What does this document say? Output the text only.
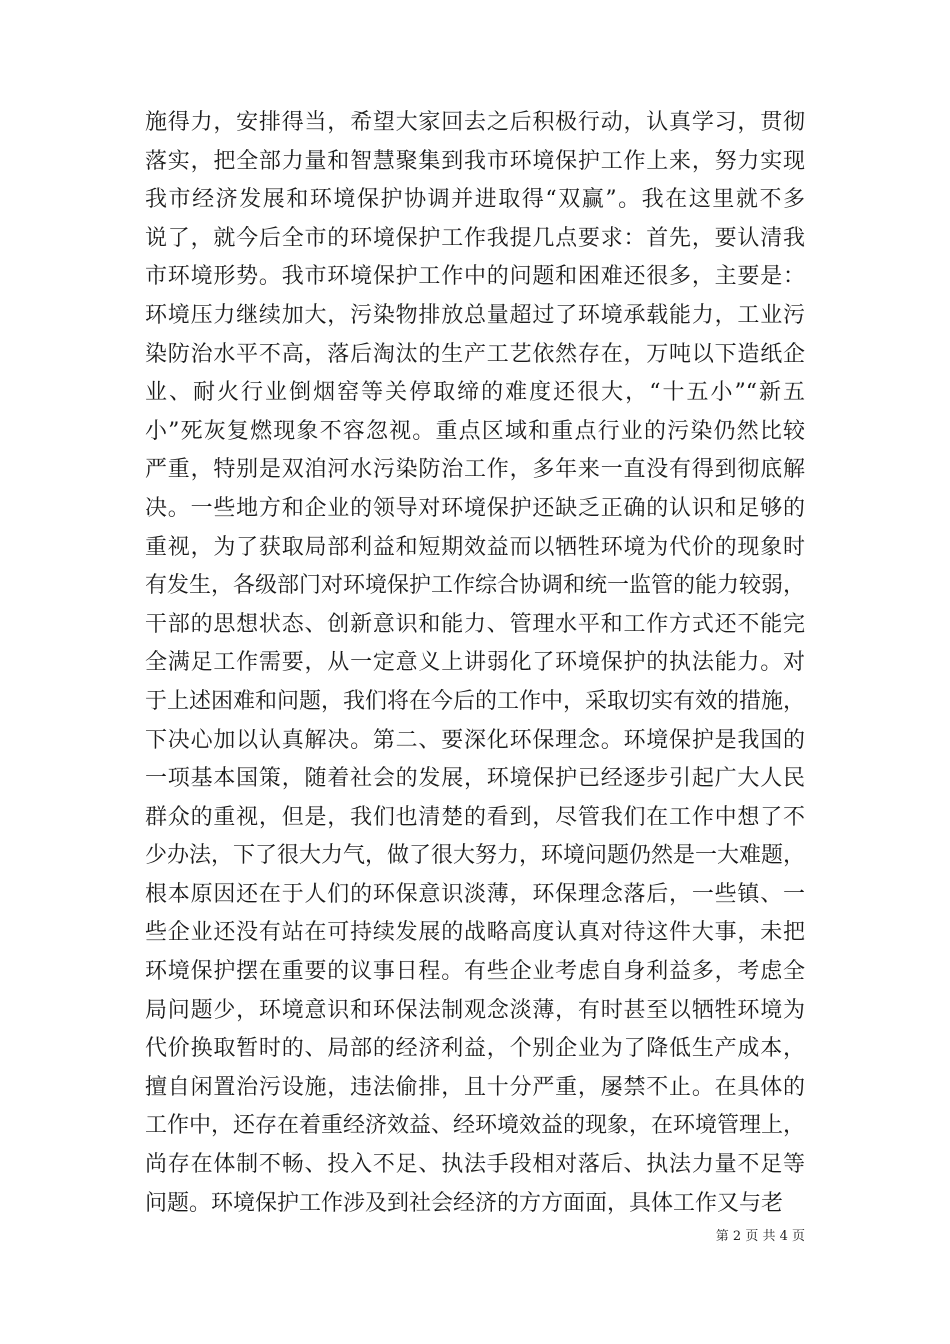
施得力，安排得当，希望大家回去之后积极行动，认真学习，贯彻
落实，把全部力量和智慧聚集到我市环境保护工作上来，努力实现
我市经济发展和环境保护协调并进取得“双赢”。我在这里就不多
说了，就今后全市的环境保护工作我提几点要求：首先，要认清我
市环境形势。我市环境保护工作中的问题和困难还很多，主要是：
环境压力继续加大，污染物排放总量超过了环境承载能力，工业污
染防治水平不高，落后淘汰的生产工艺依然存在，万吨以下造纸企
业、耐火行业倒烟窑等关停取缔的难度还很大，“十五小”“新五
小”死灰复燃现象不容忽视。重点区域和重点行业的污染仍然比较
严重，特别是双洎河水污染防治工作，多年来一直没有得到彻底解
决。一些地方和企业的领导对环境保护还缺乏正确的认识和足够的
重视，为了获取局部利益和短期效益而以牺牲环境为代价的现象时
有发生，各级部门对环境保护工作综合协调和统一监管的能力较弱，
干部的思想状态、创新意识和能力、管理水平和工作方式还不能完
全满足工作需要，从一定意义上讲弱化了环境保护的执法能力。对
于上述困难和问题，我们将在今后的工作中，采取切实有效的措施，
下决心加以认真解决。第二、要深化环保理念。环境保护是我国的
一项基本国策，随着社会的发展，环境保护已经逐步引起广大人民
群众的重视，但是，我们也清楚的看到，尽管我们在工作中想了不
少办法，下了很大力气，做了很大努力，环境问题仍然是一大难题，
根本原因还在于人们的环保意识淡薄，环保理念落后，一些镇、一
些企业还没有站在可持续发展的战略高度认真对待这件大事，未把
环境保护摆在重要的议事日程。有些企业考虑自身利益多，考虑全
局问题少，环境意识和环保法制观念淡薄，有时甚至以牺牲环境为
代价换取暂时的、局部的经济利益，个别企业为了降低生产成本，
擅自闲置治污设施，违法偷排，且十分严重，屡禁不止。在具体的
工作中，还存在着重经济效益、经环境效益的现象，在环境管理上，
尚存在体制不畅、投入不足、执法手段相对落后、执法力量不足等
问题。环境保护工作涉及到社会经济的方方面面，具体工作又与老
第 2 页 共 4 页
